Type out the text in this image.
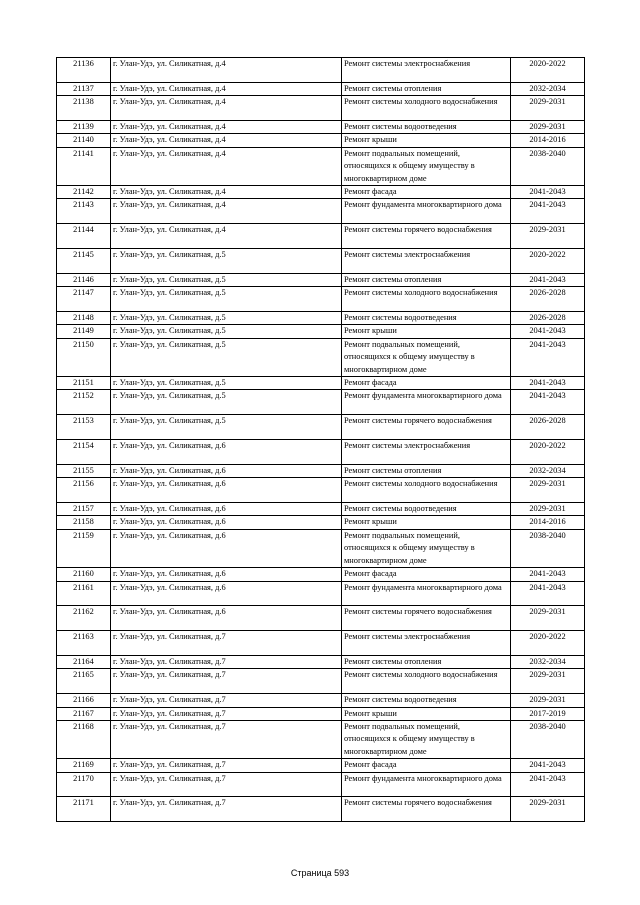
21136	г. Улан-Удэ, ул. Силикатная, д.4	Ремонт системы электроснабжения	2020-2022
21137	г. Улан-Удэ, ул. Силикатная, д.4	Ремонт системы отопления	2032-2034
21138	г. Улан-Удэ, ул. Силикатная, д.4	Ремонт системы холодного водоснабжения	2029-2031
21139	г. Улан-Удэ, ул. Силикатная, д.4	Ремонт системы водоотведения	2029-2031
21140	г. Улан-Удэ, ул. Силикатная, д.4	Ремонт крыши	2014-2016
21141	г. Улан-Удэ, ул. Силикатная, д.4	Ремонт подвальных помещений, относящихся к общему имуществу в многоквартирном доме	2038-2040
21142	г. Улан-Удэ, ул. Силикатная, д.4	Ремонт фасада	2041-2043
21143	г. Улан-Удэ, ул. Силикатная, д.4	Ремонт фундамента многоквартирного дома	2041-2043
21144	г. Улан-Удэ, ул. Силикатная, д.4	Ремонт системы горячего водоснабжения	2029-2031
21145	г. Улан-Удэ, ул. Силикатная, д.5	Ремонт системы электроснабжения	2020-2022
21146	г. Улан-Удэ, ул. Силикатная, д.5	Ремонт системы отопления	2041-2043
21147	г. Улан-Удэ, ул. Силикатная, д.5	Ремонт системы холодного водоснабжения	2026-2028
21148	г. Улан-Удэ, ул. Силикатная, д.5	Ремонт системы водоотведения	2026-2028
21149	г. Улан-Удэ, ул. Силикатная, д.5	Ремонт крыши	2041-2043
21150	г. Улан-Удэ, ул. Силикатная, д.5	Ремонт подвальных помещений, относящихся к общему имуществу в многоквартирном доме	2041-2043
21151	г. Улан-Удэ, ул. Силикатная, д.5	Ремонт фасада	2041-2043
21152	г. Улан-Удэ, ул. Силикатная, д.5	Ремонт фундамента многоквартирного дома	2041-2043
21153	г. Улан-Удэ, ул. Силикатная, д.5	Ремонт системы горячего водоснабжения	2026-2028
21154	г. Улан-Удэ, ул. Силикатная, д.6	Ремонт системы электроснабжения	2020-2022
21155	г. Улан-Удэ, ул. Силикатная, д.6	Ремонт системы отопления	2032-2034
21156	г. Улан-Удэ, ул. Силикатная, д.6	Ремонт системы холодного водоснабжения	2029-2031
21157	г. Улан-Удэ, ул. Силикатная, д.6	Ремонт системы водоотведения	2029-2031
21158	г. Улан-Удэ, ул. Силикатная, д.6	Ремонт крыши	2014-2016
21159	г. Улан-Удэ, ул. Силикатная, д.6	Ремонт подвальных помещений, относящихся к общему имуществу в многоквартирном доме	2038-2040
21160	г. Улан-Удэ, ул. Силикатная, д.6	Ремонт фасада	2041-2043
21161	г. Улан-Удэ, ул. Силикатная, д.6	Ремонт фундамента многоквартирного дома	2041-2043
21162	г. Улан-Удэ, ул. Силикатная, д.6	Ремонт системы горячего водоснабжения	2029-2031
21163	г. Улан-Удэ, ул. Силикатная, д.7	Ремонт системы электроснабжения	2020-2022
21164	г. Улан-Удэ, ул. Силикатная, д.7	Ремонт системы отопления	2032-2034
21165	г. Улан-Удэ, ул. Силикатная, д.7	Ремонт системы холодного водоснабжения	2029-2031
21166	г. Улан-Удэ, ул. Силикатная, д.7	Ремонт системы водоотведения	2029-2031
21167	г. Улан-Удэ, ул. Силикатная, д.7	Ремонт крыши	2017-2019
21168	г. Улан-Удэ, ул. Силикатная, д.7	Ремонт подвальных помещений, относящихся к общему имуществу в многоквартирном доме	2038-2040
21169	г. Улан-Удэ, ул. Силикатная, д.7	Ремонт фасада	2041-2043
21170	г. Улан-Удэ, ул. Силикатная, д.7	Ремонт фундамента многоквартирного дома	2041-2043
21171	г. Улан-Удэ, ул. Силикатная, д.7	Ремонт системы горячего водоснабжения	2029-2031
Страница 593
